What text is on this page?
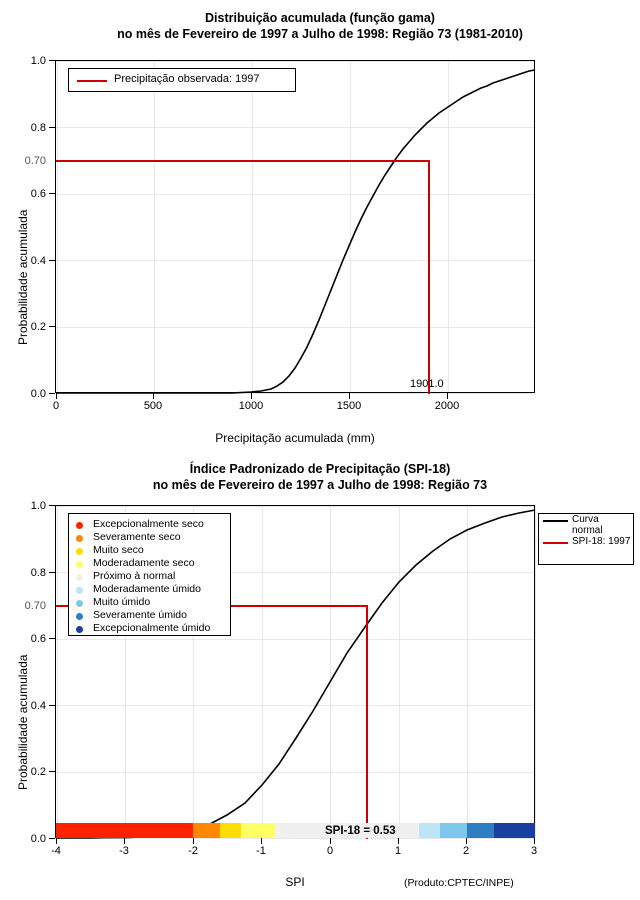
Distribuição acumulada (função gama)
no mês de Fevereiro de 1997 a Julho de 1998: Região 73 (1981-2010)
Probabilidade acumulada
0.0
0.2
0.4
0.6
0.8
1.0
0.70
0	500	1000	1500	2000
1901.0
Precipitação acumulada (mm)
Precipitação observada: 1997
Índice Padronizado de Precipitação (SPI-18)
no mês de Fevereiro de 1997 a Julho de 1998: Região 73
Probabilidade acumulada
0.0
0.2
0.4
0.6
0.8
1.0
0.70
SPI-18 = 0.53
-4	-3	-2	-1	0	1	2	3
SPI	(Produto:CPTEC/INPE)
Excepcionalmente seco
Severamente seco
Muito seco
Moderadamente seco
Próximo à normal
Moderadamente úmido
Muito úmido
Severamente úmido
Excepcionalmente úmido
Curva
normal
SPI-18: 1997
